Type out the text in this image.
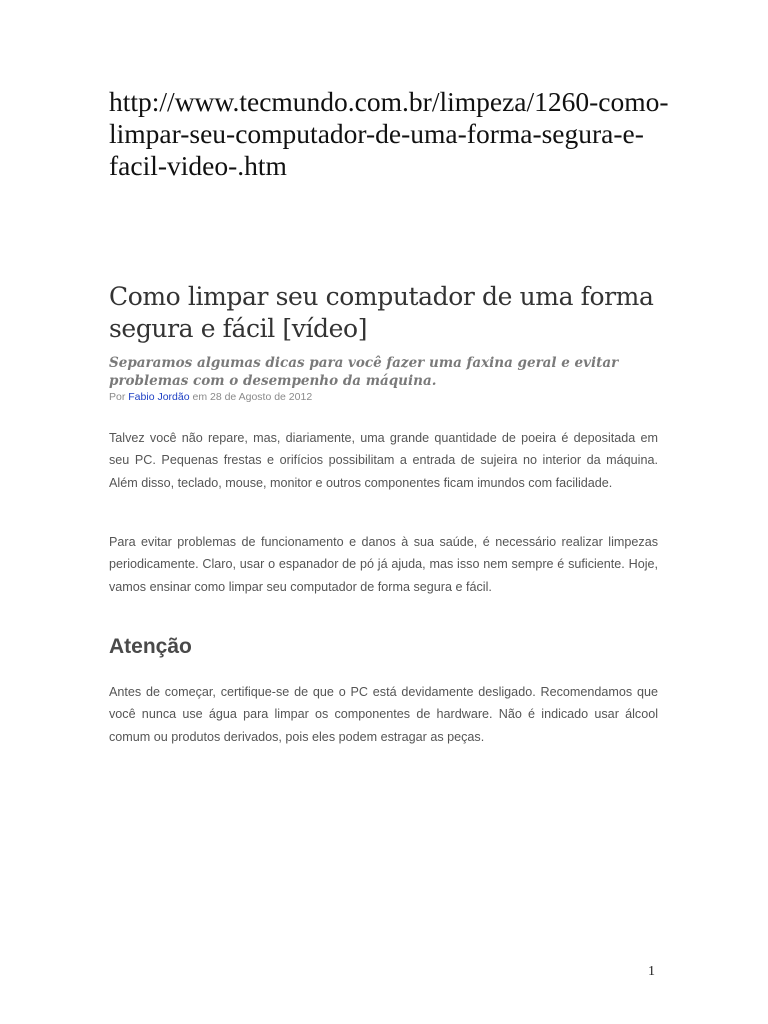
http://www.tecmundo.com.br/limpeza/1260-como-limpar-seu-computador-de-uma-forma-segura-e-facil-video-.htm
Como limpar seu computador de uma forma segura e fácil [vídeo]

Separamos algumas dicas para você fazer uma faxina geral e evitar problemas com o desempenho da máquina.

Por Fabio Jordão em 28 de Agosto de 2012

Talvez você não repare, mas, diariamente, uma grande quantidade de poeira é depositada em seu PC. Pequenas frestas e orifícios possibilitam a entrada de sujeira no interior da máquina. Além disso, teclado, mouse, monitor e outros componentes ficam imundos com facilidade.

Para evitar problemas de funcionamento e danos à sua saúde, é necessário realizar limpezas periodicamente. Claro, usar o espanador de pó já ajuda, mas isso nem sempre é suficiente. Hoje, vamos ensinar como limpar seu computador de forma segura e fácil.

Atenção

Antes de começar, certifique-se de que o PC está devidamente desligado. Recomendamos que você nunca use água para limpar os componentes de hardware. Não é indicado usar álcool comum ou produtos derivados, pois eles podem estragar as peças.

1
